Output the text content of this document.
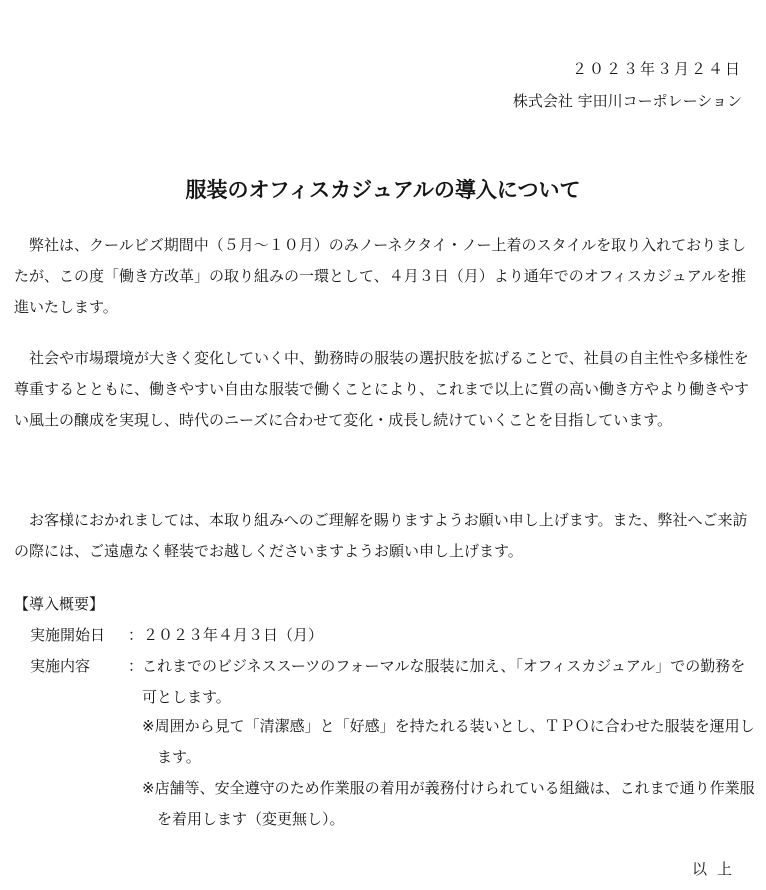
２０２３年３月２４日
株式会社 宇田川コーポレーション
服装のオフィスカジュアルの導入について

弊社は、クールビズ期間中（５月～１０月）のみノーネクタイ・ノー上着のスタイルを取り入れておりましたが、この度「働き方改革」の取り組みの一環として、４月３日（月）より通年でのオフィスカジュアルを推進いたします。

社会や市場環境が大きく変化していく中、勤務時の服装の選択肢を拡げることで、社員の自主性や多様性を尊重するとともに、働きやすい自由な服装で働くことにより、これまで以上に質の高い働き方やより働きやすい風土の醸成を実現し、時代のニーズに合わせて変化・成長し続けていくことを目指しています。

お客様におかれましては、本取り組みへのご理解を賜りますようお願い申し上げます。また、弊社へご来訪の際には、ご遠慮なく軽装でお越しくださいますようお願い申し上げます。

【導入概要】
実施開始日 ：２０２３年４月３日（月）
実施内容	：

これまでのビジネススーツのフォーマルな服装に加え、「オフィスカジュアル」での勤務を可とします。

※周囲から見て「清潔感」と「好感」を持たれる装いとし、ＴＰＯに合わせた服装を運用します。

※店舗等、安全遵守のため作業服の着用が義務付けられている組織は、これまで通り作業服を着用します（変更無し）。

以上
